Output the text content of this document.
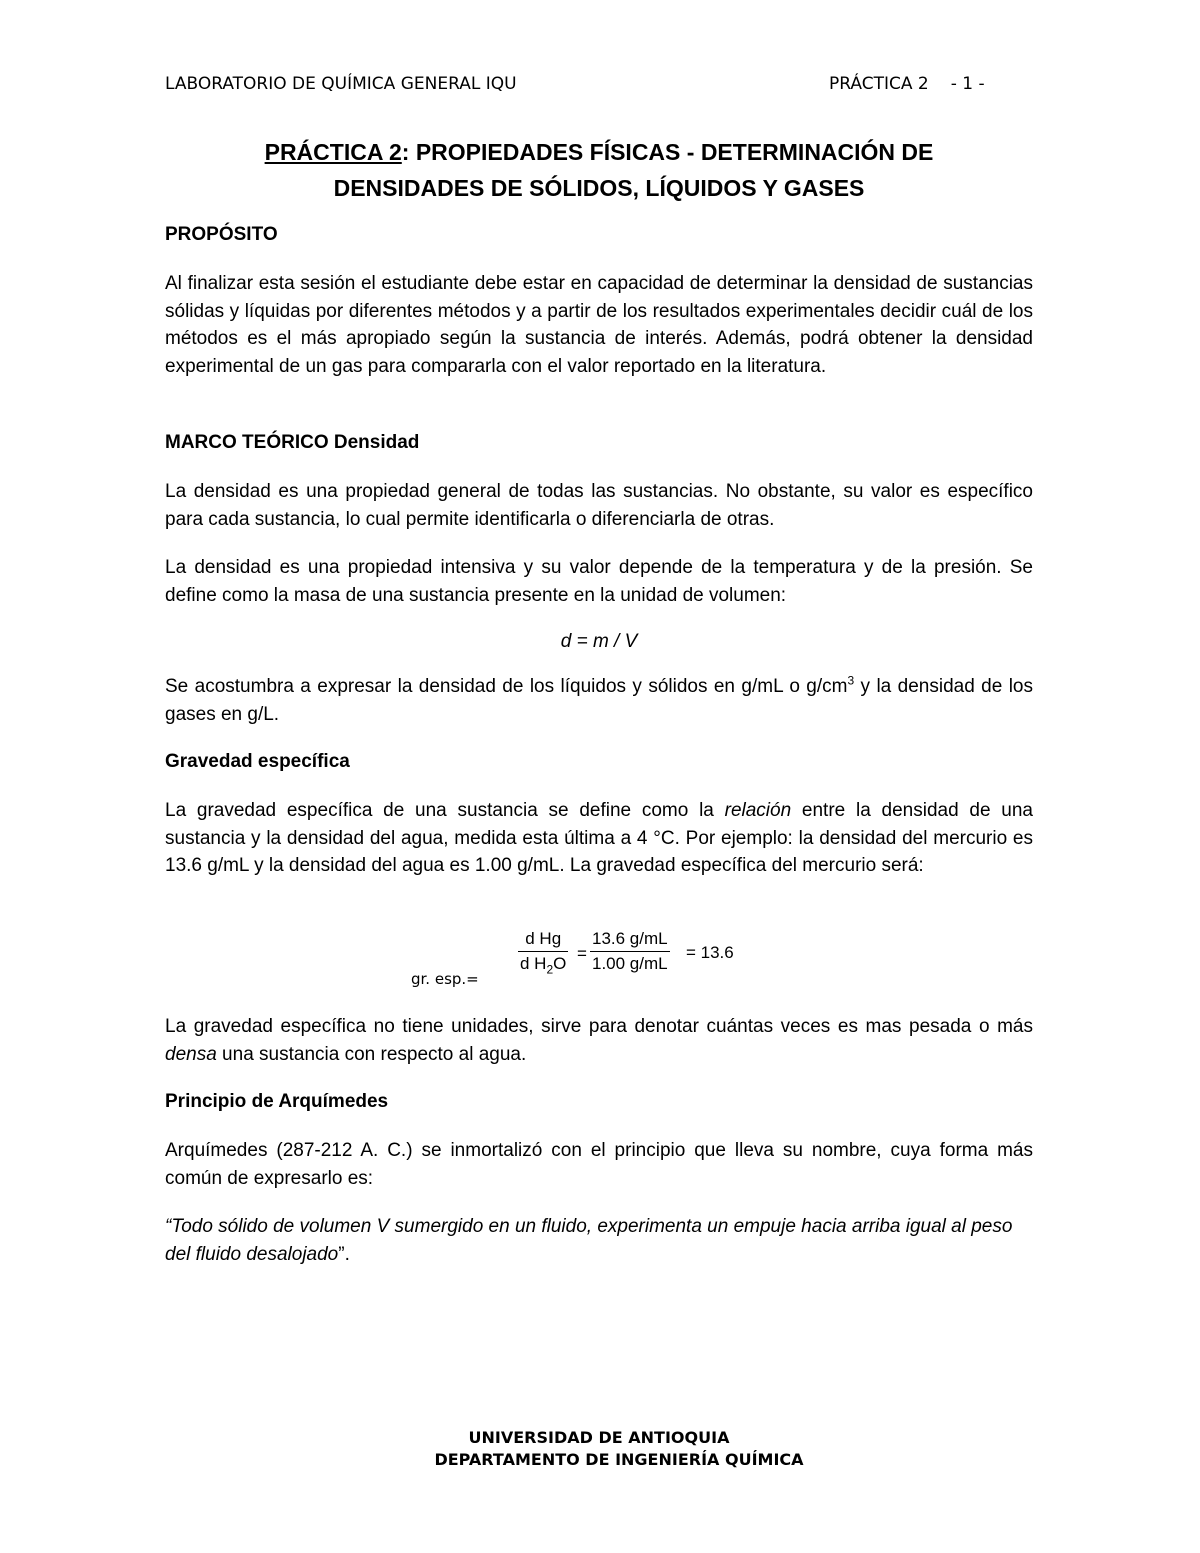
LABORATORIO DE QUÍMICA GENERAL IQU	PRÁCTICA 2 - 1 -
PRÁCTICA 2: PROPIEDADES FÍSICAS - DETERMINACIÓN DE
DENSIDADES DE SÓLIDOS, LÍQUIDOS Y GASES
PROPÓSITO
Al finalizar esta sesión el estudiante debe estar en capacidad de determinar la densidad de sustancias sólidas y líquidas por diferentes métodos y a partir de los resultados experimentales decidir cuál de los métodos es el más apropiado según la sustancia de interés. Además, podrá obtener la densidad experimental de un gas para compararla con el valor reportado en la literatura.
MARCO TEÓRICO Densidad
La densidad es una propiedad general de todas las sustancias. No obstante, su valor es específico para cada sustancia, lo cual permite identificarla o diferenciarla de otras.
La densidad es una propiedad intensiva y su valor depende de la temperatura y de la presión. Se define como la masa de una sustancia presente en la unidad de volumen:
d = m / V
Se acostumbra a expresar la densidad de los líquidos y sólidos en g/mL o $g/cm^3$ y la densidad de los gases en g/L.
Gravedad específica
La gravedad específica de una sustancia se define como la relación entre la densidad de una sustancia y la densidad del agua, medida esta última a 4 °C. Por ejemplo: la densidad del mercurio es 13.6 g/mL y la densidad del agua es 1.00 g/mL. La gravedad específica del mercurio será:
gr. esp.=
$\frac{\text{d Hg}}{d H_2O} = \frac{13.6 g/mL}{1.00 g/mL} = 13.6$
La gravedad específica no tiene unidades, sirve para denotar cuántas veces es mas pesada o más densa una sustancia con respecto al agua.
Principio de Arquímedes
Arquímedes (287-212 A. C.) se inmortalizó con el principio que lleva su nombre, cuya forma más común de expresarlo es:
“Todo sólido de volumen V sumergido en un fluido, experimenta un empuje hacia arriba igual al peso del fluido desalojado”.
UNIVERSIDAD DE ANTIOQUIA

DEPARTAMENTO DE INGENIERÍA QUÍMICA
